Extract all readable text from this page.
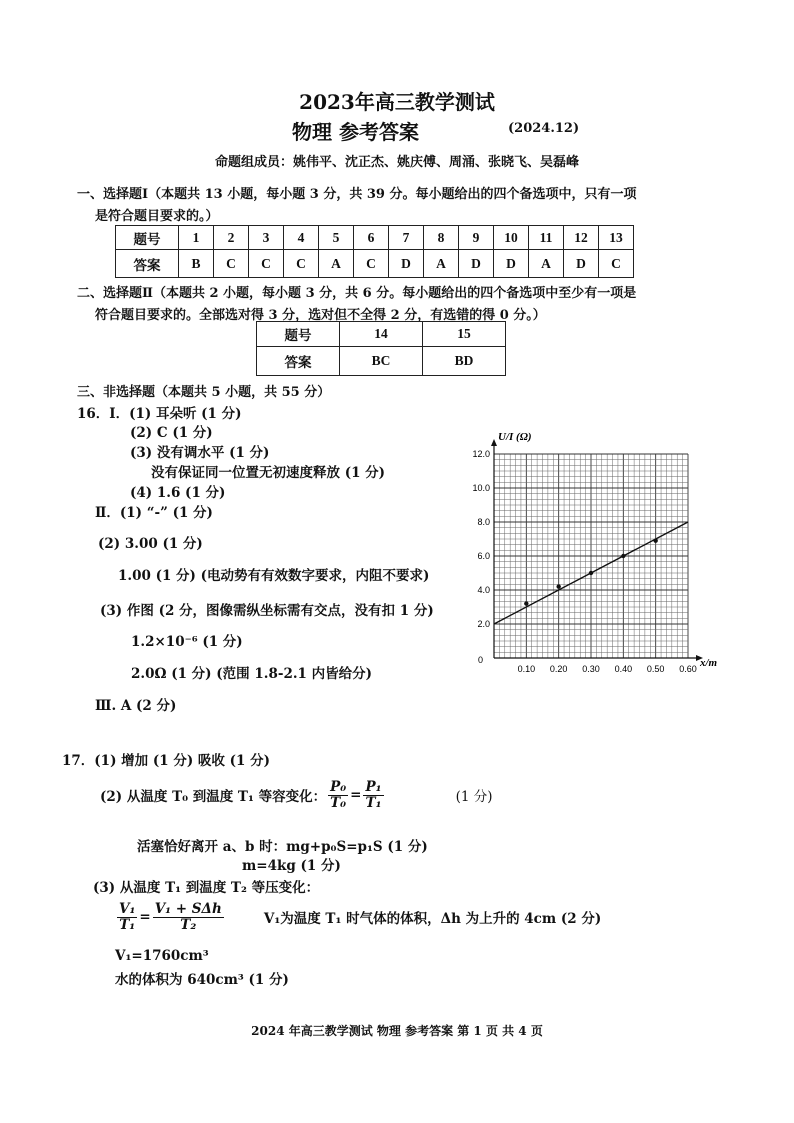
2023年高三教学测试
物理 参考答案	(2024.12)
命题组成员：姚伟平、沈正杰、姚庆傅、周涌、张晓飞、吴磊峰
一、选择题Ⅰ（本题共 13 小题，每小题 3 分，共 39 分。每小题给出的四个备选项中，只有一项
是符合题目要求的。）
题号	1	2	3	4	5	6	7	8	9	10	11	12	13
答案	B	C	C	C	A	C	D	A	D	D	A	D	C
二、选择题Ⅱ（本题共 2 小题，每小题 3 分，共 6 分。每小题给出的四个备选项中至少有一项是
符合题目要求的。全部选对得 3 分，选对但不全得 2 分，有选错的得 0 分。）
题号	14	15
答案	BC	BD
三、非选择题（本题共 5 小题，共 55 分）
16．Ⅰ．(1) 耳朵听 (1 分)
(2) C (1 分)
(3) 没有调水平 (1 分)
没有保证同一位置无初速度释放 (1 分)
(4) 1.6 (1 分)
Ⅱ．(1) “-” (1 分)
(2) 3.00 (1 分)
1.00 (1 分) (电动势有有效数字要求，内阻不要求)
(3) 作图 (2 分，图像需纵坐标需有交点，没有扣 1 分)
1.2×10⁻⁶ (1 分)
2.0Ω (1 分) (范围 1.8-2.1 内皆给分)
Ⅲ. A (2 分)
2.0
4.0
6.0
8.0
10.0
12.0
0.10 0.20 0.30 0.40 0.50 0.60
U/I (Ω)
x/m
0
17．(1) 增加 (1 分) 吸收 (1 分)
(2) 从温度 T₀ 到温度 T₁ 等容变化： $\frac{\text{P₀}}{\text{T₀}} = \frac{\text{P₁}}{\text{T₁}}$	(1 分)
活塞恰好离开 a、b 时：mg+p₀S=p₁S (1 分)
m=4kg (1 分)
(3) 从温度 T₁ 到温度 T₂ 等压变化：
$\frac{\text{V₁}}{\text{T₁}} = \frac{\text{V₁ + SΔh}}{\text{T₂}}$	V₁为温度 T₁ 时气体的体积，Δh 为上升的 4cm (2 分)
V₁=1760cm³
水的体积为 640cm³ (1 分)
2024 年高三教学测试 物理 参考答案 第 1 页 共 4 页
